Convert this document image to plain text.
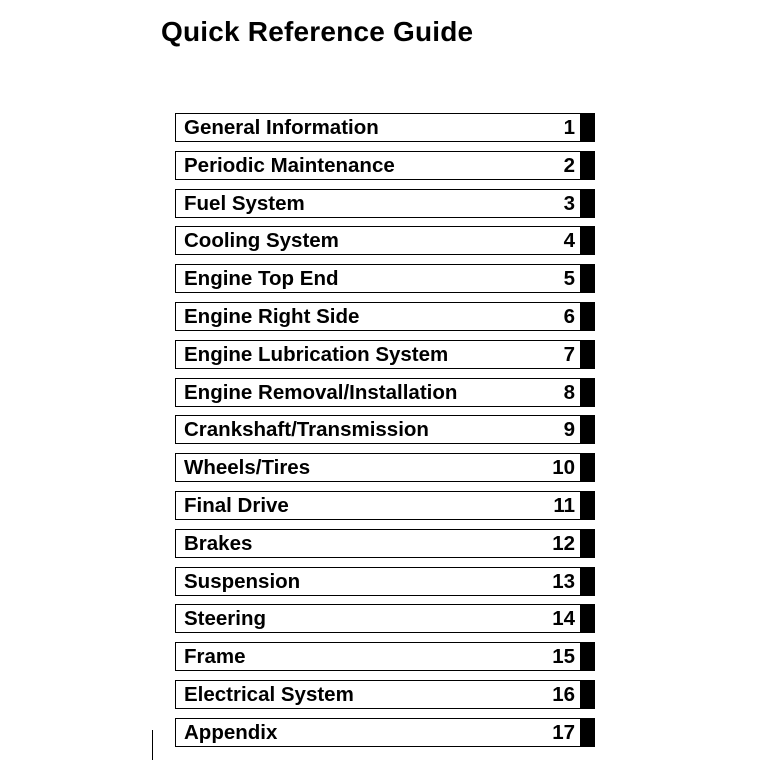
Quick Reference Guide
General Information	1
Periodic Maintenance	2
Fuel System	3
Cooling System	4
Engine Top End	5
Engine Right Side	6
Engine Lubrication System	7
Engine Removal/Installation	8
Crankshaft/Transmission	9
Wheels/Tires	10
Final Drive	11
Brakes	12
Suspension	13
Steering	14
Frame	15
Electrical System	16
Appendix	17
